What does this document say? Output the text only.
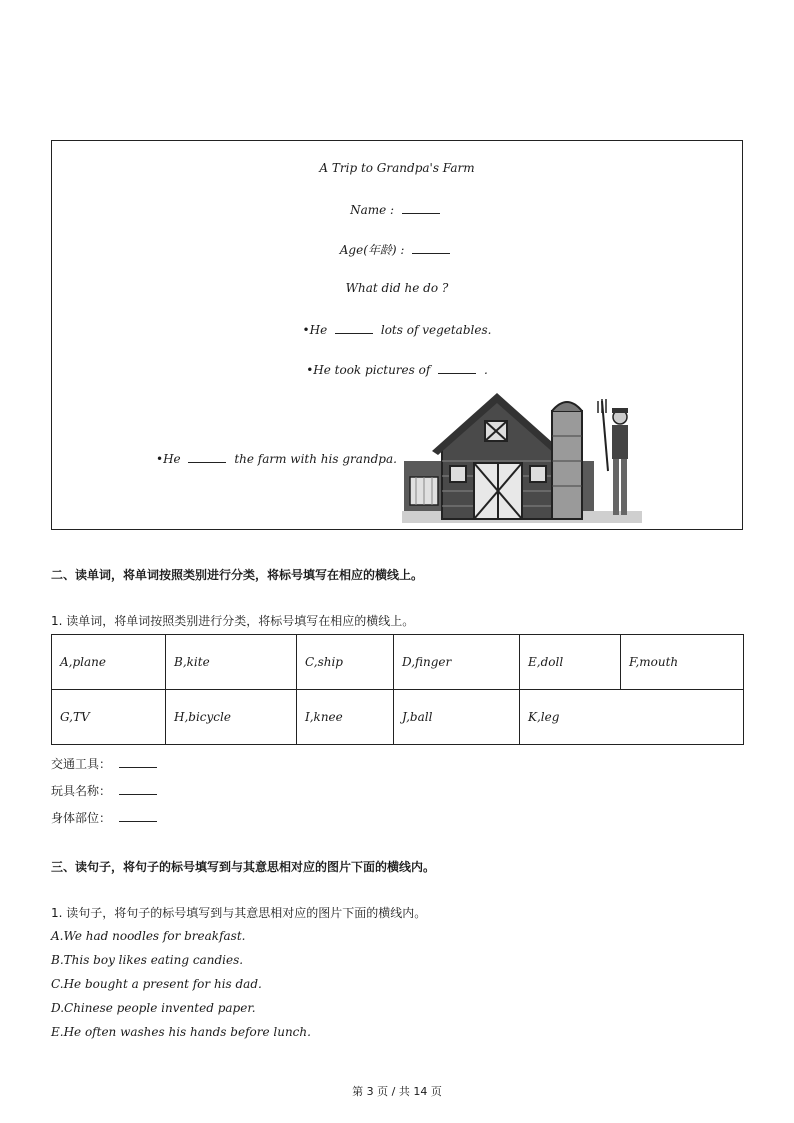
A Trip to Grandpa's Farm
Name :
Age(年龄) :
What did he do ?
•He	lots of vegetables.
•He took pictures of	.
•He	the farm with his grandpa.
二、读单词，将单词按照类别进行分类，将标号填写在相应的横线上。
1. 读单词，将单词按照类别进行分类，将标号填写在相应的横线上。
A,plane	B,kite	C,ship	D,finger	E,doll	F,mouth
G,TV	H,bicycle	I,knee	J,ball	K,leg	
交通工具：
玩具名称：
身体部位：
三、读句子，将句子的标号填写到与其意思相对应的图片下面的横线内。
1. 读句子，将句子的标号填写到与其意思相对应的图片下面的横线内。
A.We had noodles for breakfast.
B.This boy likes eating candies.
C.He bought a present for his dad.
D.Chinese people invented paper.
E.He often washes his hands before lunch.
第 3 页 / 共 14 页
